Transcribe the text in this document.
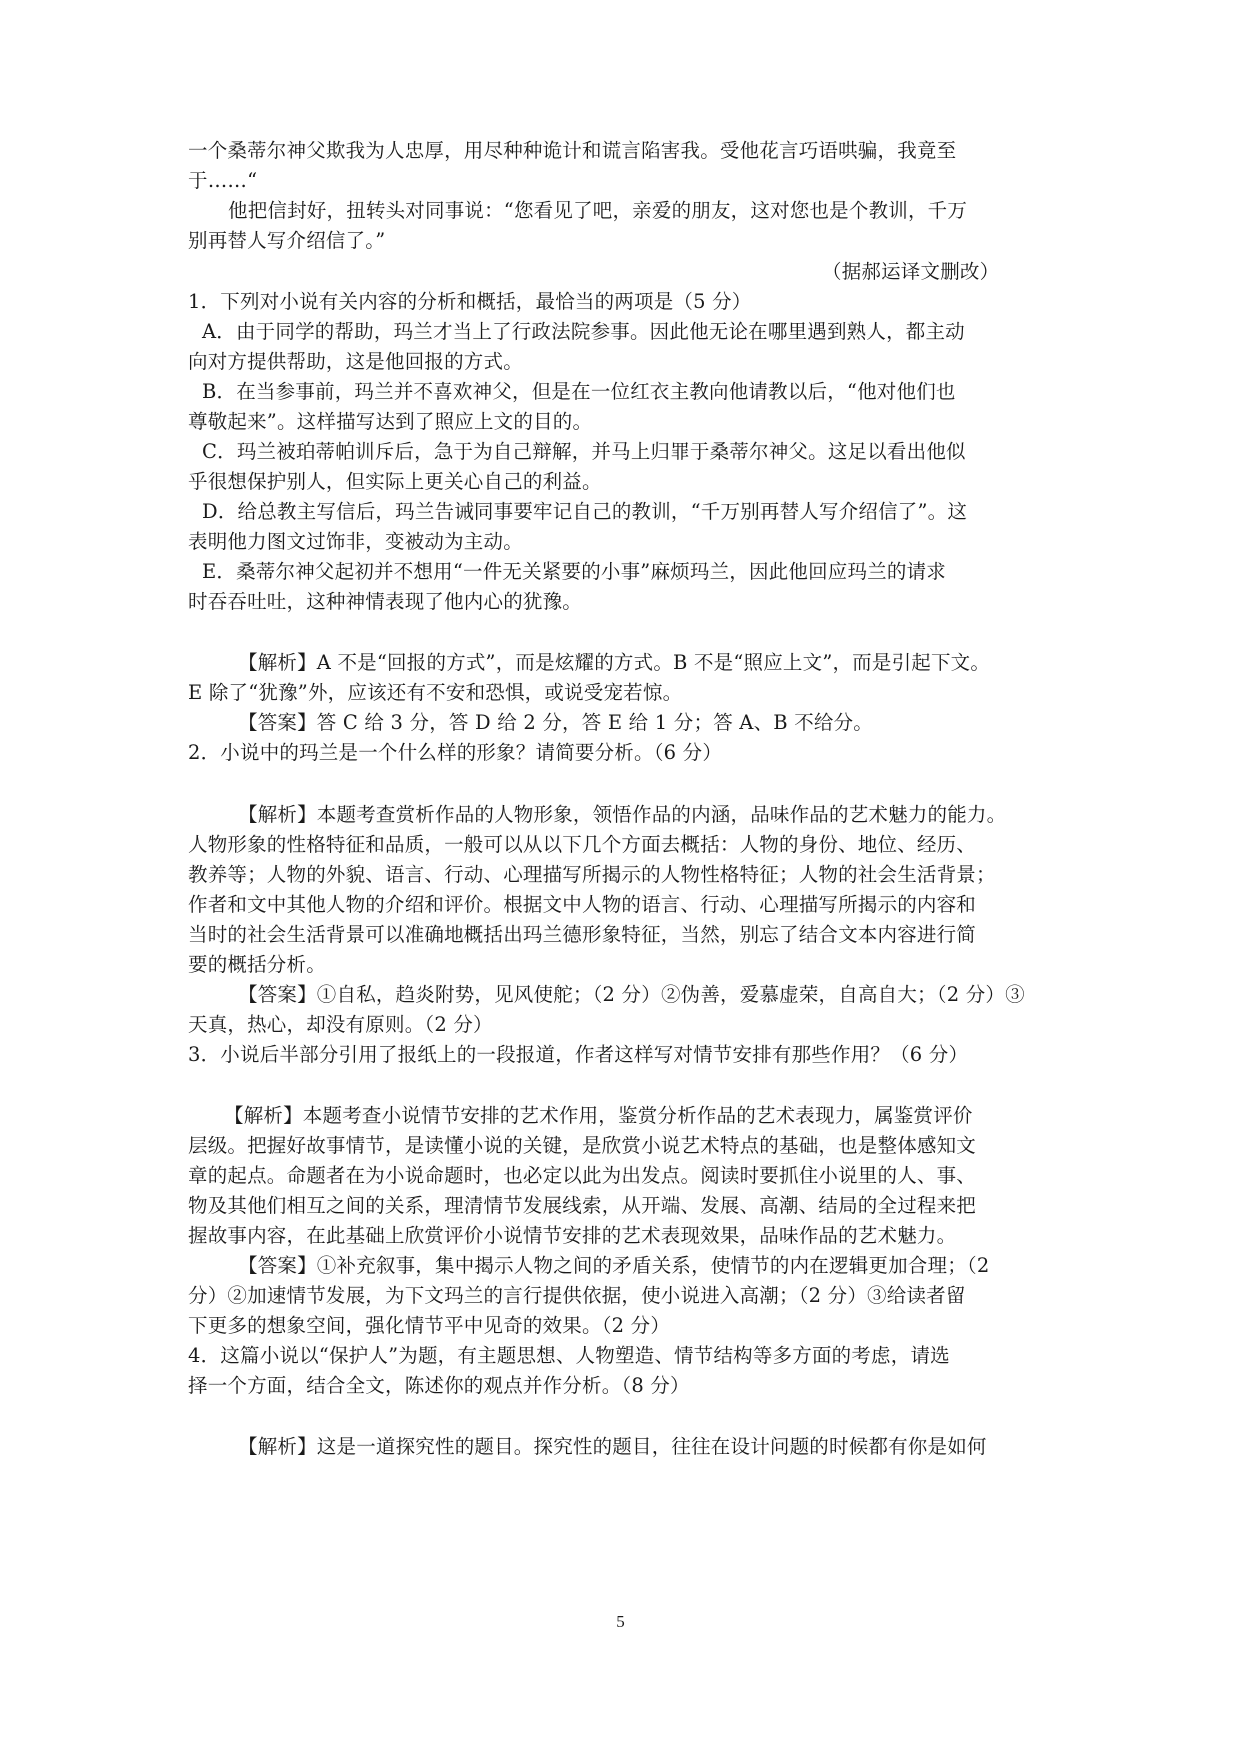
一个桑蒂尔神父欺我为人忠厚，用尽种种诡计和谎言陷害我。受他花言巧语哄骗，我竟至
于……“
他把信封好，扭转头对同事说：“您看见了吧，亲爱的朋友，这对您也是个教训，千万
别再替人写介绍信了。”
（据郝运译文删改）
1．下列对小说有关内容的分析和概括，最恰当的两项是（5 分）
A．由于同学的帮助，玛兰才当上了行政法院参事。因此他无论在哪里遇到熟人，都主动
向对方提供帮助，这是他回报的方式。
B．在当参事前，玛兰并不喜欢神父，但是在一位红衣主教向他请教以后，“他对他们也
尊敬起来”。这样描写达到了照应上文的目的。
C．玛兰被珀蒂帕训斥后，急于为自己辩解，并马上归罪于桑蒂尔神父。这足以看出他似
乎很想保护别人，但实际上更关心自己的利益。
D．给总教主写信后，玛兰告诫同事要牢记自己的教训，“千万别再替人写介绍信了”。这
表明他力图文过饰非，变被动为主动。
E．桑蒂尔神父起初并不想用“一件无关紧要的小事”麻烦玛兰，因此他回应玛兰的请求
时吞吞吐吐，这种神情表现了他内心的犹豫。
【解析】A 不是“回报的方式”，而是炫耀的方式。B 不是“照应上文”，而是引起下文。
E 除了“犹豫”外，应该还有不安和恐惧，或说受宠若惊。
【答案】答 C 给 3 分，答 D 给 2 分，答 E 给 1 分；答 A、B 不给分。
2．小说中的玛兰是一个什么样的形象？请简要分析。（6 分）
【解析】本题考查赏析作品的人物形象，领悟作品的内涵，品味作品的艺术魅力的能力。
人物形象的性格特征和品质，一般可以从以下几个方面去概括：人物的身份、地位、经历、
教养等；人物的外貌、语言、行动、心理描写所揭示的人物性格特征；人物的社会生活背景；
作者和文中其他人物的介绍和评价。根据文中人物的语言、行动、心理描写所揭示的内容和
当时的社会生活背景可以准确地概括出玛兰德形象特征，当然，别忘了结合文本内容进行简
要的概括分析。
【答案】①自私，趋炎附势，见风使舵；（2 分）②伪善，爱慕虚荣，自高自大；（2 分）③
天真，热心，却没有原则。（2 分）
3．小说后半部分引用了报纸上的一段报道，作者这样写对情节安排有那些作用？（6 分）
【解析】本题考查小说情节安排的艺术作用，鉴赏分析作品的艺术表现力，属鉴赏评价
层级。把握好故事情节，是读懂小说的关键，是欣赏小说艺术特点的基础，也是整体感知文
章的起点。命题者在为小说命题时，也必定以此为出发点。阅读时要抓住小说里的人、事、
物及其他们相互之间的关系，理清情节发展线索，从开端、发展、高潮、结局的全过程来把
握故事内容，在此基础上欣赏评价小说情节安排的艺术表现效果，品味作品的艺术魅力。
【答案】①补充叙事，集中揭示人物之间的矛盾关系，使情节的内在逻辑更加合理；（2
分）②加速情节发展，为下文玛兰的言行提供依据，使小说进入高潮；（2 分）③给读者留
下更多的想象空间，强化情节平中见奇的效果。（2 分）
4．这篇小说以“保护人”为题，有主题思想、人物塑造、情节结构等多方面的考虑，请选
择一个方面，结合全文，陈述你的观点并作分析。（8 分）
【解析】这是一道探究性的题目。探究性的题目，往往在设计问题的时候都有你是如何
5
